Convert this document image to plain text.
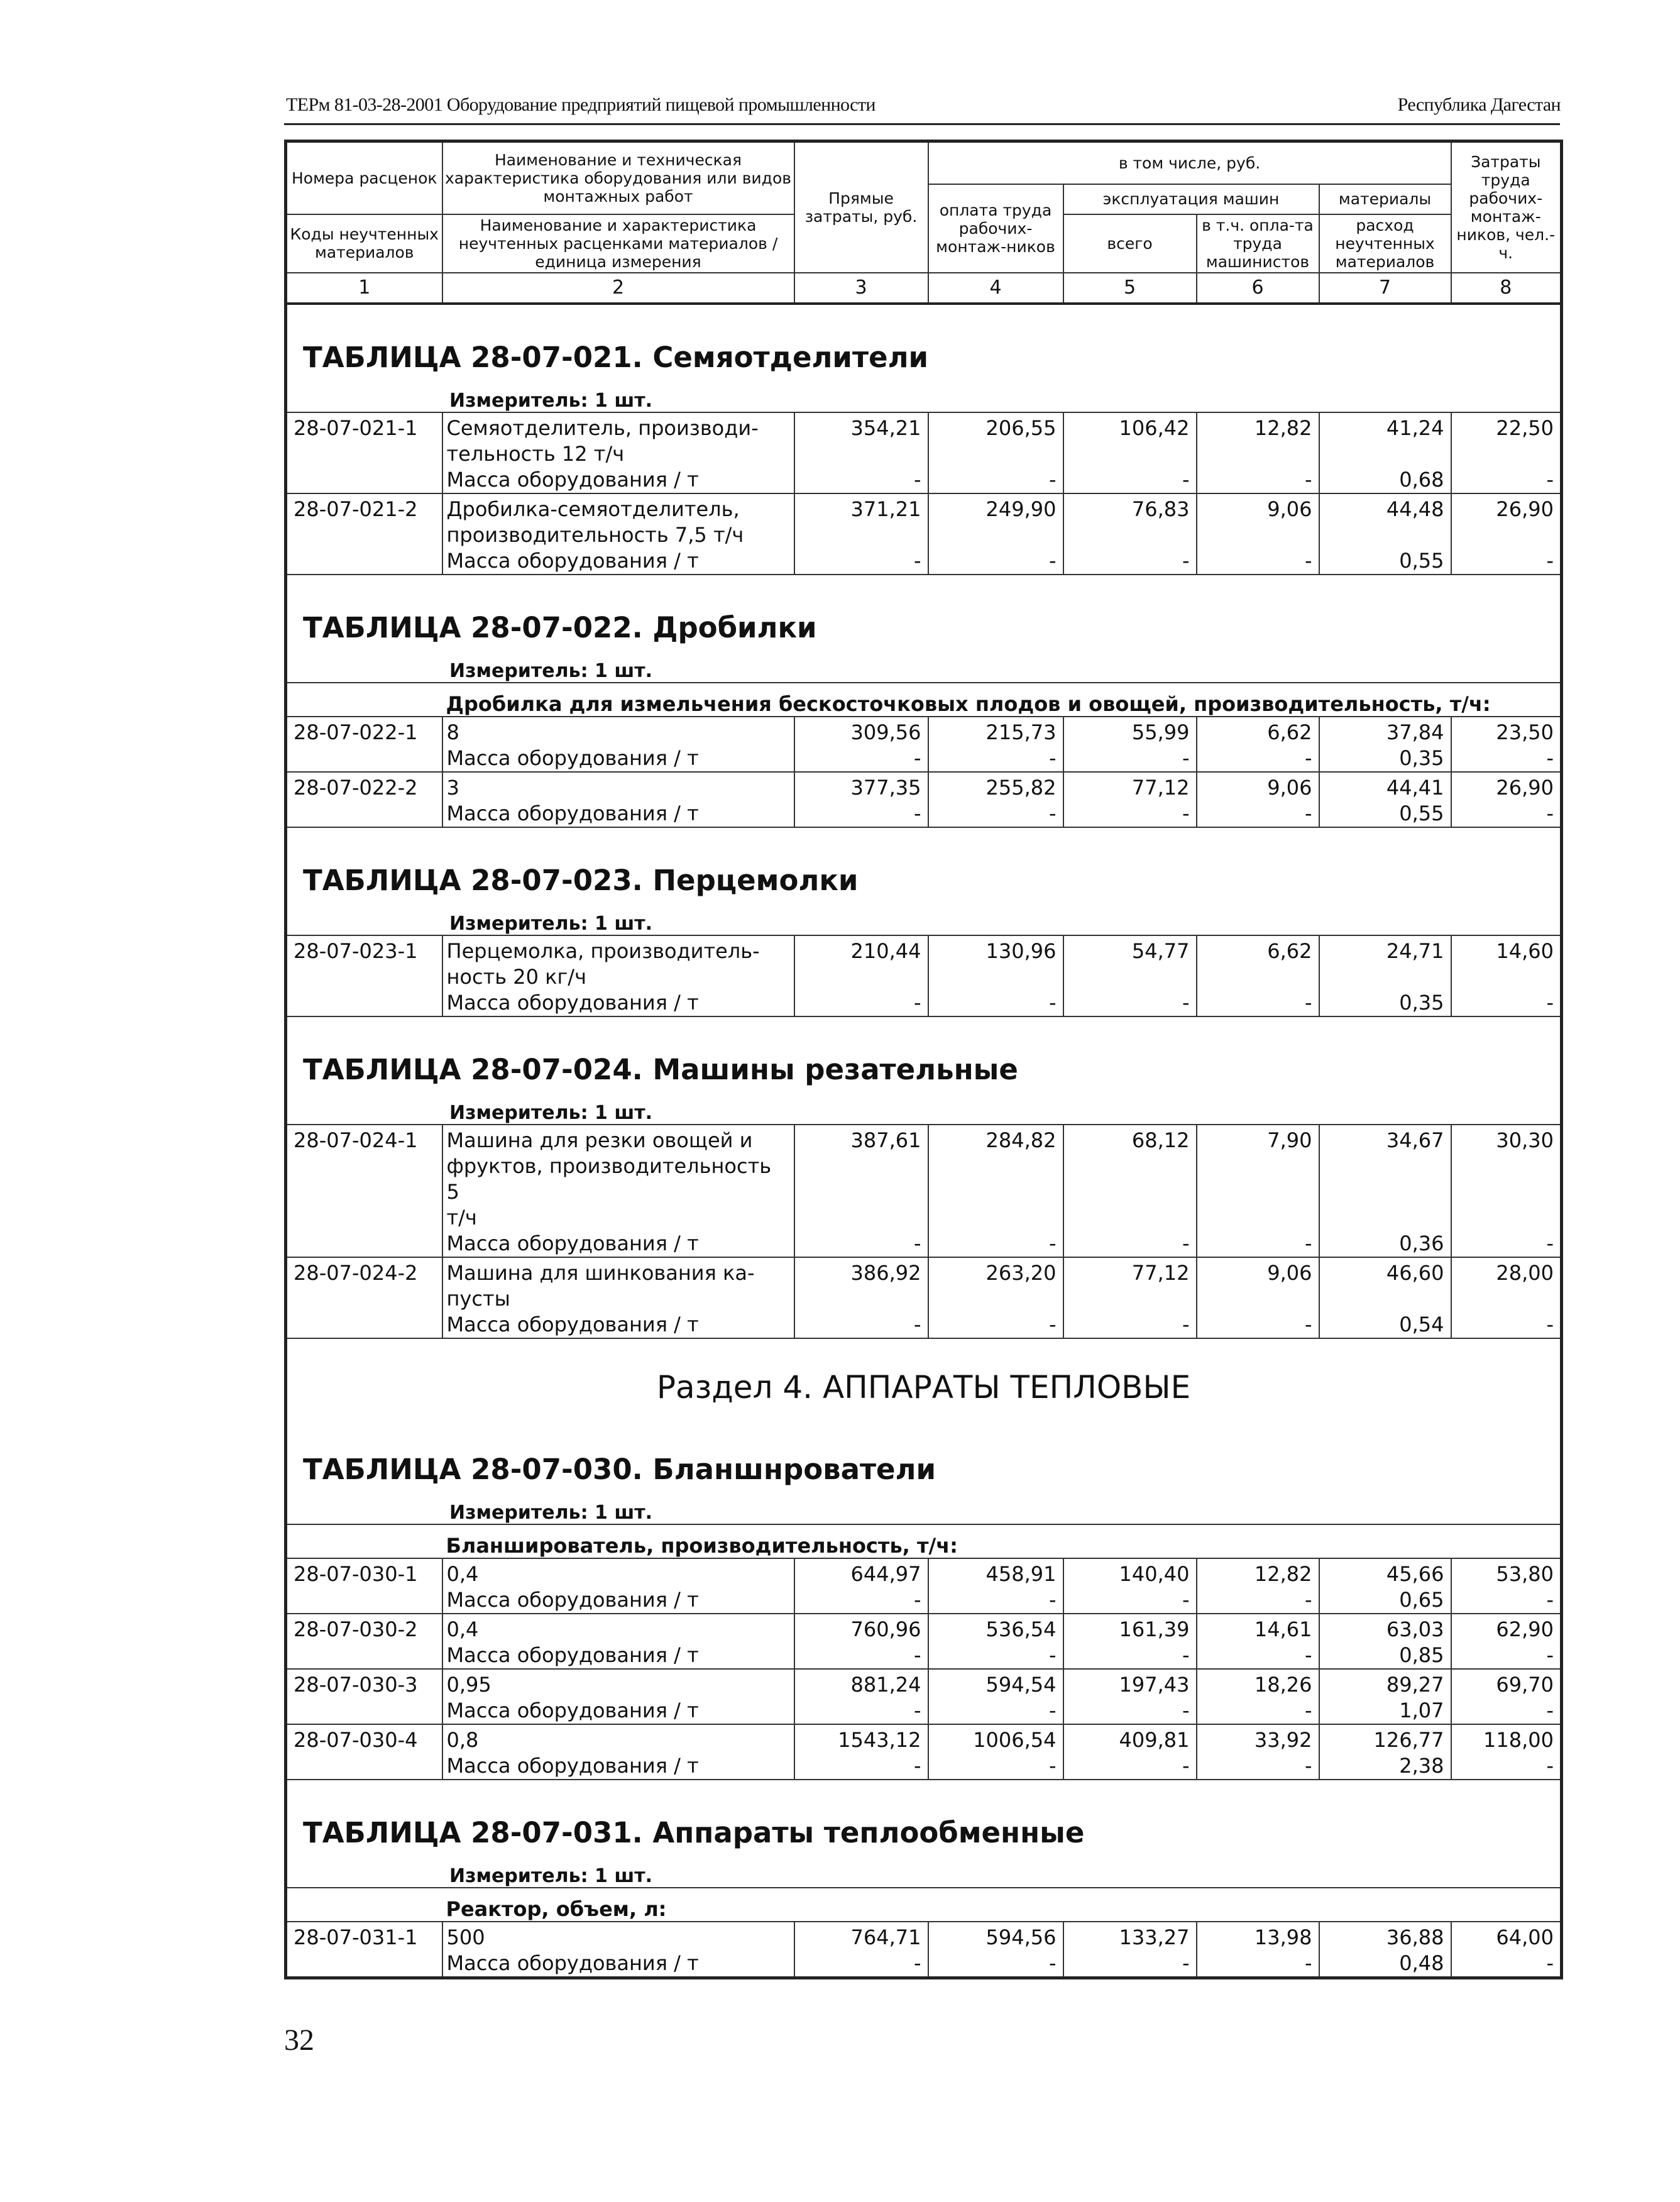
ТЕРм 81-03-28-2001 Оборудование предприятий пищевой промышленности	Республика Дагестан
Номера расценок	Наименование и техническая характеристика оборудования или видов монтажных работ	Прямые затраты, руб.	в том числе, руб.				Затраты труда рабочих-монтаж-ников, чел.-ч.
			оплата труда рабочих-монтаж-ников	эксплуатация машин		материалы	
Коды неучтенных материалов	Наименование и характеристика неучтенных расценками материалов / единица измерения			всего	в т.ч. опла-та труда машинистов	расход неучтенных материалов	

1	2	3	4	5	6	7	8
ТАБЛИЦА 28-07-021. Семяотделители							
Измеритель: 1 шт.							
28-07-021-1	Семяотделитель, производи-
тельность 12 т/ч	354,21	206,55	106,42	12,82	41,24	22,50
	Масса оборудования / т	-	-	-	-	0,68	-
28-07-021-2	Дробилка-семяотделитель,
производительность 7,5 т/ч	371,21	249,90	76,83	9,06	44,48	26,90
	Масса оборудования / т	-	-	-	-	0,55	-
ТАБЛИЦА 28-07-022. Дробилки							
Измеритель: 1 шт.							
	Дробилка для измельчения бескосточковых плодов и овощей, производительность, т/ч:						
28-07-022-1	8	309,56	215,73	55,99	6,62	37,84	23,50
	Масса оборудования / т	-	-	-	-	0,35	-
28-07-022-2	3	377,35	255,82	77,12	9,06	44,41	26,90
	Масса оборудования / т	-	-	-	-	0,55	-
ТАБЛИЦА 28-07-023. Перцемолки							
Измеритель: 1 шт.							
28-07-023-1	Перцемолка, производитель-
ность 20 кг/ч	210,44	130,96	54,77	6,62	24,71	14,60
	Масса оборудования / т	-	-	-	-	0,35	-
ТАБЛИЦА 28-07-024. Машины резательные							
Измеритель: 1 шт.							
28-07-024-1	Машина для резки овощей и
фруктов, производительность 5
т/ч	387,61	284,82	68,12	7,90	34,67	30,30
	Масса оборудования / т	-	-	-	-	0,36	-
28-07-024-2	Машина для шинкования ка-
пусты	386,92	263,20	77,12	9,06	46,60	28,00
	Масса оборудования / т	-	-	-	-	0,54	-
Раздел 4. АППАРАТЫ ТЕПЛОВЫЕ							
ТАБЛИЦА 28-07-030. Бланшнрователи							
Измеритель: 1 шт.							
	Бланширователь, производительность, т/ч:						
28-07-030-1	0,4	644,97	458,91	140,40	12,82	45,66	53,80
	Масса оборудования / т	-	-	-	-	0,65	-
28-07-030-2	0,4	760,96	536,54	161,39	14,61	63,03	62,90
	Масса оборудования / т	-	-	-	-	0,85	-
28-07-030-3	0,95	881,24	594,54	197,43	18,26	89,27	69,70
	Масса оборудования / т	-	-	-	-	1,07	-
28-07-030-4	0,8	1543,12	1006,54	409,81	33,92	126,77	118,00
	Масса оборудования / т	-	-	-	-	2,38	-
ТАБЛИЦА 28-07-031. Аппараты теплообменные							
Измеритель: 1 шт.							
	Реактор, объем, л:						
28-07-031-1	500	764,71	594,56	133,27	13,98	36,88	64,00
	Масса оборудования / т	-	-	-	-	0,48	-
32
